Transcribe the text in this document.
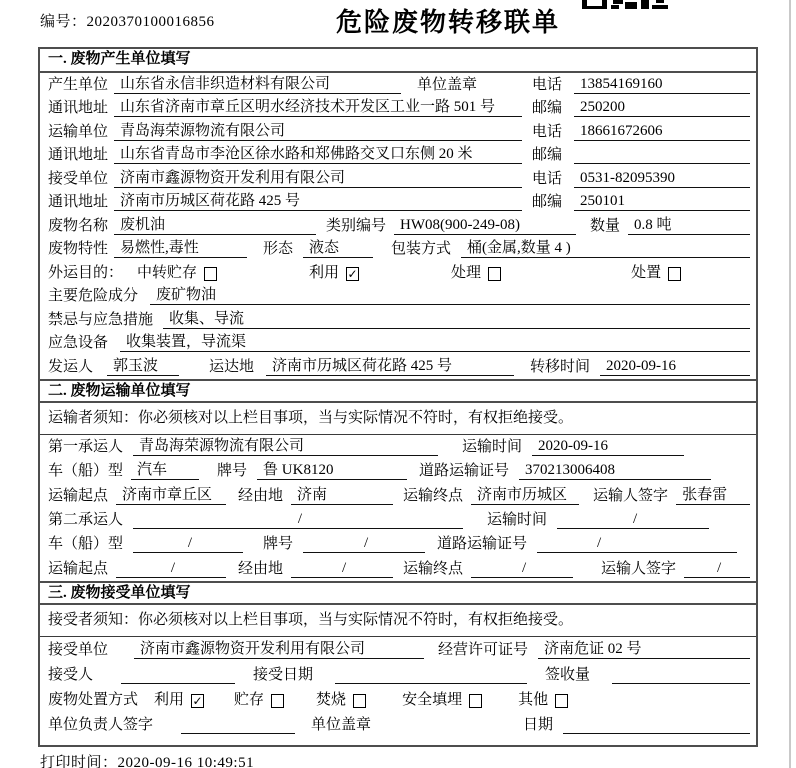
编号：2020370100016856	危险废物转移联单
一. 废物产生单位填写
产生单位 山东省永信非织造材料有限公司	单位盖章	电话	13854169160
通讯地址 山东省济南市章丘区明水经济技术开发区工业一路 501 号	邮编	250200
运输单位 青岛海荣源物流有限公司	电话	18661672606
通讯地址 山东省青岛市李沧区徐水路和郑佛路交叉口东侧 20 米	邮编
接受单位 济南市鑫源物资开发利用有限公司	电话	0531-82095390
通讯地址 济南市历城区荷花路 425 号	邮编	250101
废物名称 废机油	类别编号 HW08(900-249-08)	数量 0.8 吨
废物特性 易燃性,毒性	形态	液态	包装方式	桶(金属,数量 4 )
外运目的： 中转贮存	利用 ✓	处理	处置
主要危险成分	废矿物油
禁忌与应急措施	收集、导流
应急设备	收集装置，导流渠
发运人	郭玉波	运达地	济南市历城区荷花路 425 号	转移时间	2020-09-16
二. 废物运输单位填写
运输者须知：你必须核对以上栏目事项，当与实际情况不符时，有权拒绝接受。
第一承运人	青岛海荣源物流有限公司	运输时间	2020-09-16
车（船）型 汽车	牌号	鲁 UK8120	道路运输证号	370213006408
运输起点 济南市章丘区	经由地 济南	运输终点 济南市历城区	运输人签字 张春雷
第二承运人	/	运输时间	/
车（船）型	/	牌号	/	道路运输证号	/
运输起点	/	经由地	/	运输终点	/	运输人签字	/
三. 废物接受单位填写
接受者须知：你必须核对以上栏目事项，当与实际情况不符时，有权拒绝接受。
接受单位	济南市鑫源物资开发利用有限公司	经营许可证号	济南危证 02 号
接受人	接受日期	签收量
废物处置方式 利用 ✓ 贮存	焚烧	安全填埋	其他
单位负责人签字	单位盖章	日期
打印时间：2020-09-16 10:49:51
